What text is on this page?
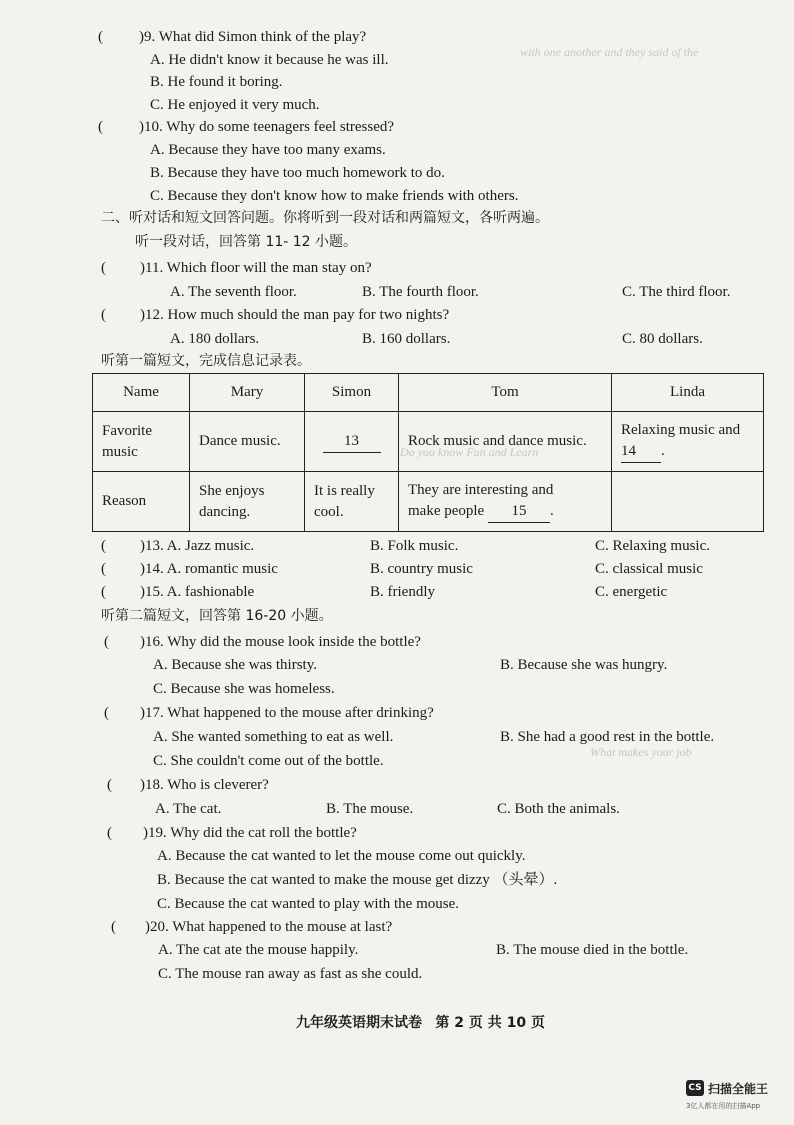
( )9. What did Simon think of the play?
A. He didn't know it because he was ill.
B. He found it boring.
C. He enjoyed it very much.
( )10. Why do some teenagers feel stressed?
A. Because they have too many exams.
B. Because they have too much homework to do.
C. Because they don't know how to make friends with others.
二、听对话和短文回答问题。你将听到一段对话和两篇短文，各听两遍。
听一段对话，回答第 11- 12 小题。
( )11. Which floor will the man stay on?
A. The seventh floor.	B. The fourth floor.	C. The third floor.
( )12. How much should the man pay for two nights?
A. 180 dollars.	B. 160 dollars.	C. 80 dollars.
听第一篇短文，完成信息记录表。
Name	Mary	Simon	Tom	Linda
Favorite music	Dance music.	13	Rock music and dance music.	Relaxing music and
14 .
Reason	She enjoys dancing.	It is really cool.	They are interesting and
make people 15 .	
( )13. A. Jazz music.	B. Folk music.	C. Relaxing music.
( )14. A. romantic music	B. country music	C. classical music
( )15. A. fashionable	B. friendly	C. energetic
听第二篇短文，回答第 16-20 小题。
( )16. Why did the mouse look inside the bottle?
A. Because she was thirsty.	B. Because she was hungry.
C. Because she was homeless.
( )17. What happened to the mouse after drinking?
A. She wanted something to eat as well.	B. She had a good rest in the bottle.
C. She couldn't come out of the bottle.
( )18. Who is cleverer?
A. The cat.	B. The mouse.	C. Both the animals.
( )19. Why did the cat roll the bottle?
A. Because the cat wanted to let the mouse come out quickly.
B. Because the cat wanted to make the mouse get dizzy （头晕）.
C. Because the cat wanted to play with the mouse.
( )20. What happened to the mouse at last?
A. The cat ate the mouse happily.	B. The mouse died in the bottle.
C. The mouse ran away as fast as she could.
with one another and they said of the
Do you know Fun and Learn
What makes your job
九年级英语期末试卷 第 2 页 共 10 页
CS 扫描全能王
3亿人都在用的扫描App
